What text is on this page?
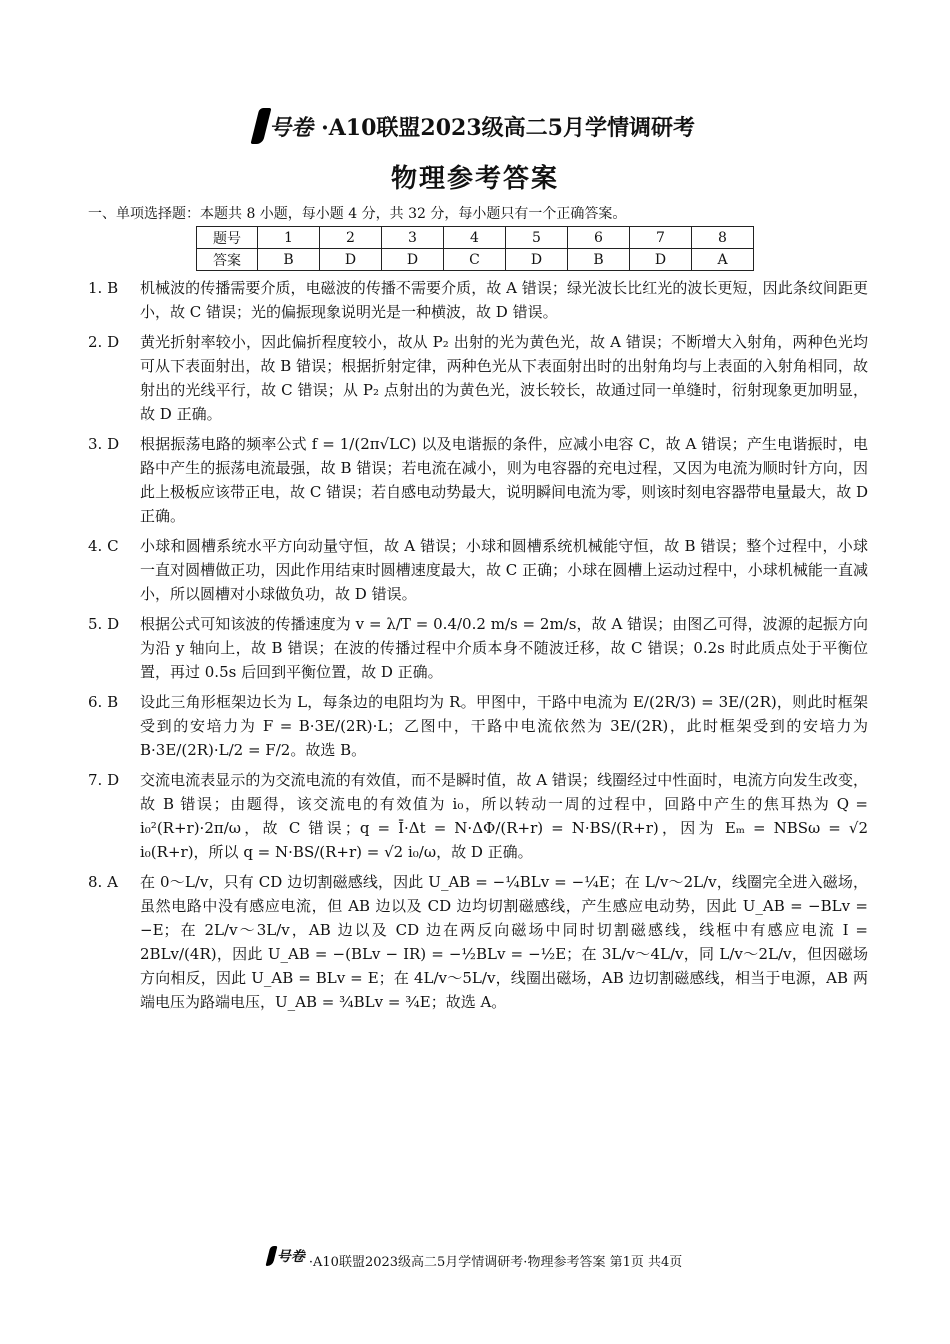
号卷 ·A10联盟2023级高二5月学情调研考
物理参考答案
一、单项选择题：本题共 8 小题，每小题 4 分，共 32 分，每小题只有一个正确答案。
题号	1	2	3	4	5	6	7	8
答案	B	D	D	C	D	B	D	A
1. B	机械波的传播需要介质，电磁波的传播不需要介质，故 A 错误；绿光波长比红光的波长更短，因此条纹间距更小，故 C 错误；光的偏振现象说明光是一种横波，故 D 错误。
2. D	黄光折射率较小，因此偏折程度较小，故从 P₂ 出射的光为黄色光，故 A 错误；不断增大入射角，两种色光均可从下表面射出，故 B 错误；根据折射定律，两种色光从下表面射出时的出射角均与上表面的入射角相同，故射出的光线平行，故 C 错误；从 P₂ 点射出的为黄色光，波长较长，故通过同一单缝时，衍射现象更加明显，故 D 正确。
3. D	根据振荡电路的频率公式 f = 1/(2π√LC) 以及电谐振的条件，应减小电容 C，故 A 错误；产生电谐振时，电路中产生的振荡电流最强，故 B 错误；若电流在减小，则为电容器的充电过程，又因为电流为顺时针方向，因此上极板应该带正电，故 C 错误；若自感电动势最大，说明瞬间电流为零，则该时刻电容器带电量最大，故 D 正确。
4. C	小球和圆槽系统水平方向动量守恒，故 A 错误；小球和圆槽系统机械能守恒，故 B 错误；整个过程中，小球一直对圆槽做正功，因此作用结束时圆槽速度最大，故 C 正确；小球在圆槽上运动过程中，小球机械能一直减小，所以圆槽对小球做负功，故 D 错误。
5. D	根据公式可知该波的传播速度为 v = λ/T = 0.4/0.2 m/s = 2m/s，故 A 错误；由图乙可得，波源的起振方向为沿 y 轴向上，故 B 错误；在波的传播过程中介质本身不随波迁移，故 C 错误；0.2s 时此质点处于平衡位置，再过 0.5s 后回到平衡位置，故 D 正确。
6. B	设此三角形框架边长为 L，每条边的电阻均为 R。甲图中，干路中电流为 E/(2R/3) = 3E/(2R)，则此时框架受到的安培力为 F = B·3E/(2R)·L；乙图中，干路中电流依然为 3E/(2R)，此时框架受到的安培力为 B·3E/(2R)·L/2 = F/2。故选 B。
7. D	交流电流表显示的为交流电流的有效值，而不是瞬时值，故 A 错误；线圈经过中性面时，电流方向发生改变，故 B 错误；由题得，该交流电的有效值为 i₀，所以转动一周的过程中，回路中产生的焦耳热为 Q = i₀²(R+r)·2π/ω，故 C 错误；q = Ī·Δt = N·ΔΦ/(R+r) = N·BS/(R+r)，因为 Eₘ = NBSω = √2 i₀(R+r)，所以 q = N·BS/(R+r) = √2 i₀/ω，故 D 正确。
8. A	在 0～L/v，只有 CD 边切割磁感线，因此 U_AB = −¼BLv = −¼E；在 L/v～2L/v，线圈完全进入磁场，虽然电路中没有感应电流，但 AB 边以及 CD 边均切割磁感线，产生感应电动势，因此 U_AB = −BLv = −E；在 2L/v～3L/v，AB 边以及 CD 边在两反向磁场中同时切割磁感线，线框中有感应电流 I = 2BLv/(4R)，因此 U_AB = −(BLv − IR) = −½BLv = −½E；在 3L/v～4L/v，同 L/v～2L/v，但因磁场方向相反，因此 U_AB = BLv = E；在 4L/v～5L/v，线圈出磁场，AB 边切割磁感线，相当于电源，AB 两端电压为路端电压，U_AB = ¾BLv = ¾E；故选 A。
号卷 ·A10联盟2023级高二5月学情调研考·物理参考答案 第1页 共4页
